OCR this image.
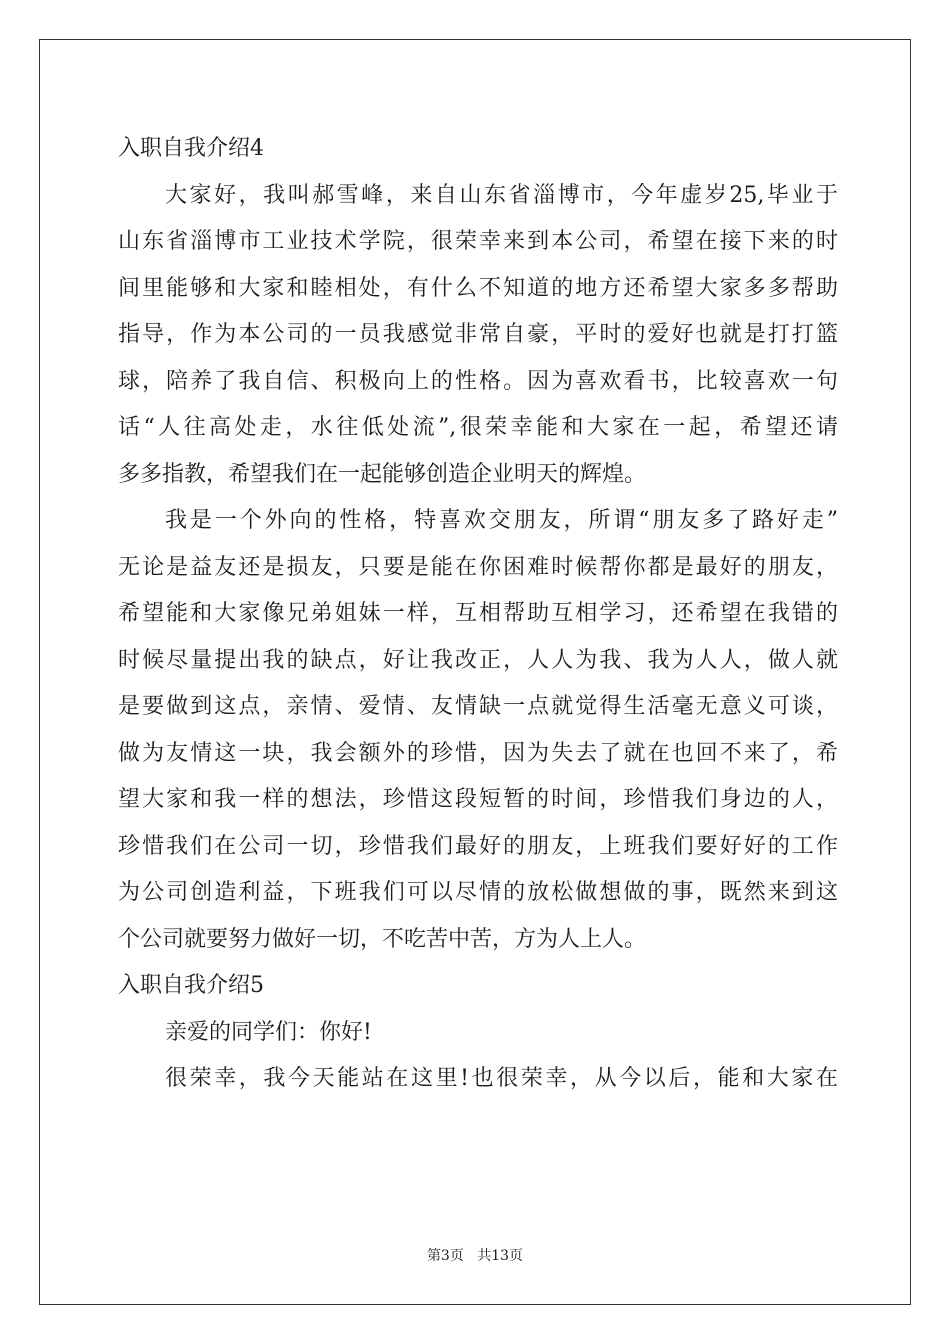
入职自我介绍4
大家好，我叫郝雪峰，来自山东省淄博市，今年虚岁25,毕业于
山东省淄博市工业技术学院，很荣幸来到本公司，希望在接下来的时
间里能够和大家和睦相处，有什么不知道的地方还希望大家多多帮助
指导，作为本公司的一员我感觉非常自豪，平时的爱好也就是打打篮
球，陪养了我自信、积极向上的性格。因为喜欢看书，比较喜欢一句
话“人往高处走，水往低处流”,很荣幸能和大家在一起，希望还请
多多指教，希望我们在一起能够创造企业明天的辉煌。
我是一个外向的性格，特喜欢交朋友，所谓“朋友多了路好走”
无论是益友还是损友，只要是能在你困难时候帮你都是最好的朋友，
希望能和大家像兄弟姐妹一样，互相帮助互相学习，还希望在我错的
时候尽量提出我的缺点，好让我改正，人人为我、我为人人，做人就
是要做到这点，亲情、爱情、友情缺一点就觉得生活毫无意义可谈，
做为友情这一块，我会额外的珍惜，因为失去了就在也回不来了，希
望大家和我一样的想法，珍惜这段短暂的时间，珍惜我们身边的人，
珍惜我们在公司一切，珍惜我们最好的朋友，上班我们要好好的工作
为公司创造利益，下班我们可以尽情的放松做想做的事，既然来到这
个公司就要努力做好一切，不吃苦中苦，方为人上人。
入职自我介绍5
亲爱的同学们：你好!
很荣幸，我今天能站在这里!也很荣幸，从今以后，能和大家在
第3页 共13页
